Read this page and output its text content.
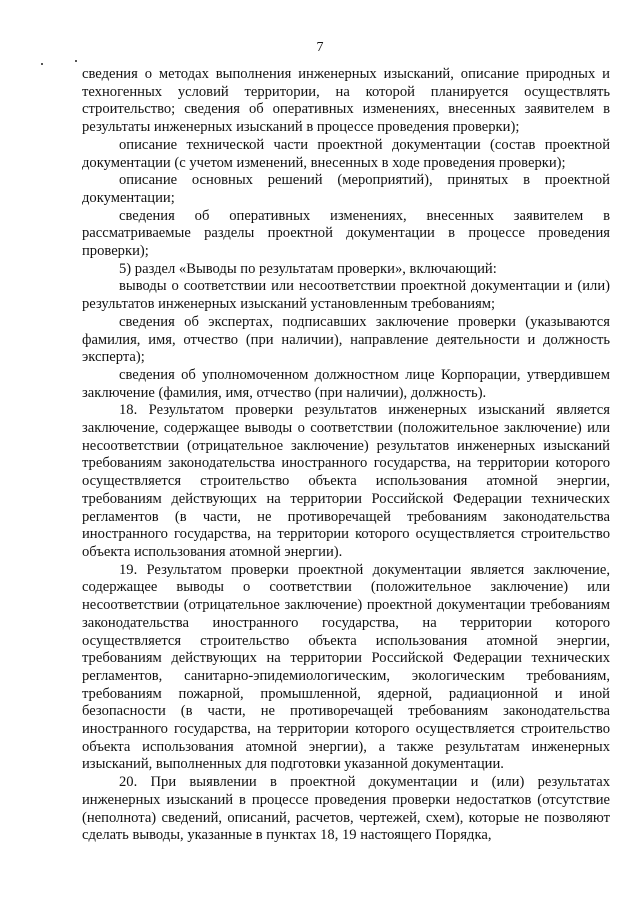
7

сведения о методах выполнения инженерных изысканий, описание природных и техногенных условий территории, на которой планируется осуществлять строительство; сведения об оперативных изменениях, внесенных заявителем в результаты инженерных изысканий в процессе проведения проверки);

описание технической части проектной документации (состав проектной документации (с учетом изменений, внесенных в ходе проведения проверки);

описание основных решений (мероприятий), принятых в проектной документации;

сведения об оперативных изменениях, внесенных заявителем в рассматриваемые разделы проектной документации в процессе проведения проверки);

5) раздел «Выводы по результатам проверки», включающий:

выводы о соответствии или несоответствии проектной документации и (или) результатов инженерных изысканий установленным требованиям;

сведения об экспертах, подписавших заключение проверки (указываются фамилия, имя, отчество (при наличии), направление деятельности и должность эксперта);

сведения об уполномоченном должностном лице Корпорации, утвердившем заключение (фамилия, имя, отчество (при наличии), должность).

18. Результатом проверки результатов инженерных изысканий является заключение, содержащее выводы о соответствии (положительное заключение) или несоответствии (отрицательное заключение) результатов инженерных изысканий требованиям законодательства иностранного государства, на территории которого осуществляется строительство объекта использования атомной энергии, требованиям действующих на территории Российской Федерации технических регламентов (в части, не противоречащей требованиям законодательства иностранного государства, на территории которого осуществляется строительство объекта использования атомной энергии).

19. Результатом проверки проектной документации является заключение, содержащее выводы о соответствии (положительное заключение) или несоответствии (отрицательное заключение) проектной документации требованиям законодательства иностранного государства, на территории которого осуществляется строительство объекта использования атомной энергии, требованиям действующих на территории Российской Федерации технических регламентов, санитарно-эпидемиологическим, экологическим требованиям, требованиям пожарной, промышленной, ядерной, радиационной и иной безопасности (в части, не противоречащей требованиям законодательства иностранного государства, на территории которого осуществляется строительство объекта использования атомной энергии), а также результатам инженерных изысканий, выполненных для подготовки указанной документации.

20. При выявлении в проектной документации и (или) результатах инженерных изысканий в процессе проведения проверки недостатков (отсутствие (неполнота) сведений, описаний, расчетов, чертежей, схем), которые не позволяют сделать выводы, указанные в пунктах 18, 19 настоящего Порядка,
